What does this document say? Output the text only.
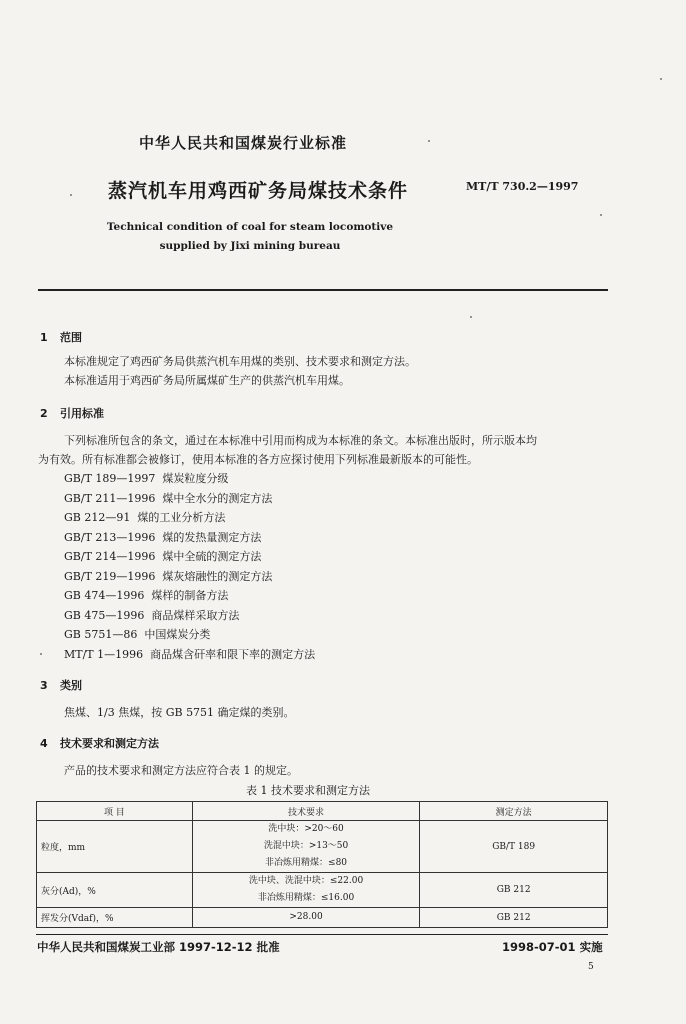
中华人民共和国煤炭行业标准
蒸汽机车用鸡西矿务局煤技术条件	MT/T 730.2—1997
Technical condition of coal for steam locomotive
supplied by Jixi mining bureau
1 范围
本标准规定了鸡西矿务局供蒸汽机车用煤的类别、技术要求和测定方法。
本标准适用于鸡西矿务局所属煤矿生产的供蒸汽机车用煤。
2 引用标准
下列标准所包含的条文，通过在本标准中引用而构成为本标准的条文。本标准出版时，所示版本均
为有效。所有标准都会被修订，使用本标准的各方应探讨使用下列标准最新版本的可能性。
GB/T 189—1997  煤炭粒度分级
GB/T 211—1996  煤中全水分的测定方法
GB 212—91  煤的工业分析方法
GB/T 213—1996  煤的发热量测定方法
GB/T 214—1996  煤中全硫的测定方法
GB/T 219—1996  煤灰熔融性的测定方法
GB 474—1996  煤样的制备方法
GB 475—1996  商品煤样采取方法
GB 5751—86  中国煤炭分类
MT/T 1—1996  商品煤含矸率和限下率的测定方法
3 类别
焦煤、1/3 焦煤，按 GB 5751 确定煤的类别。
4 技术要求和测定方法
产品的技术要求和测定方法应符合表 1 的规定。
表 1 技术要求和测定方法
项 目	技术要求	测定方法
粒度，mm	洗中块：>20～60
洗混中块：>13～50
非冶炼用精煤：≤80	GB/T 189
灰分(Ad)，%	洗中块、洗混中块：≤22.00
非冶炼用精煤：≤16.00	GB 212
挥发分(Vdaf)，%	>28.00	GB 212
中华人民共和国煤炭工业部 1997-12-12 批准	1998-07-01 实施
5
